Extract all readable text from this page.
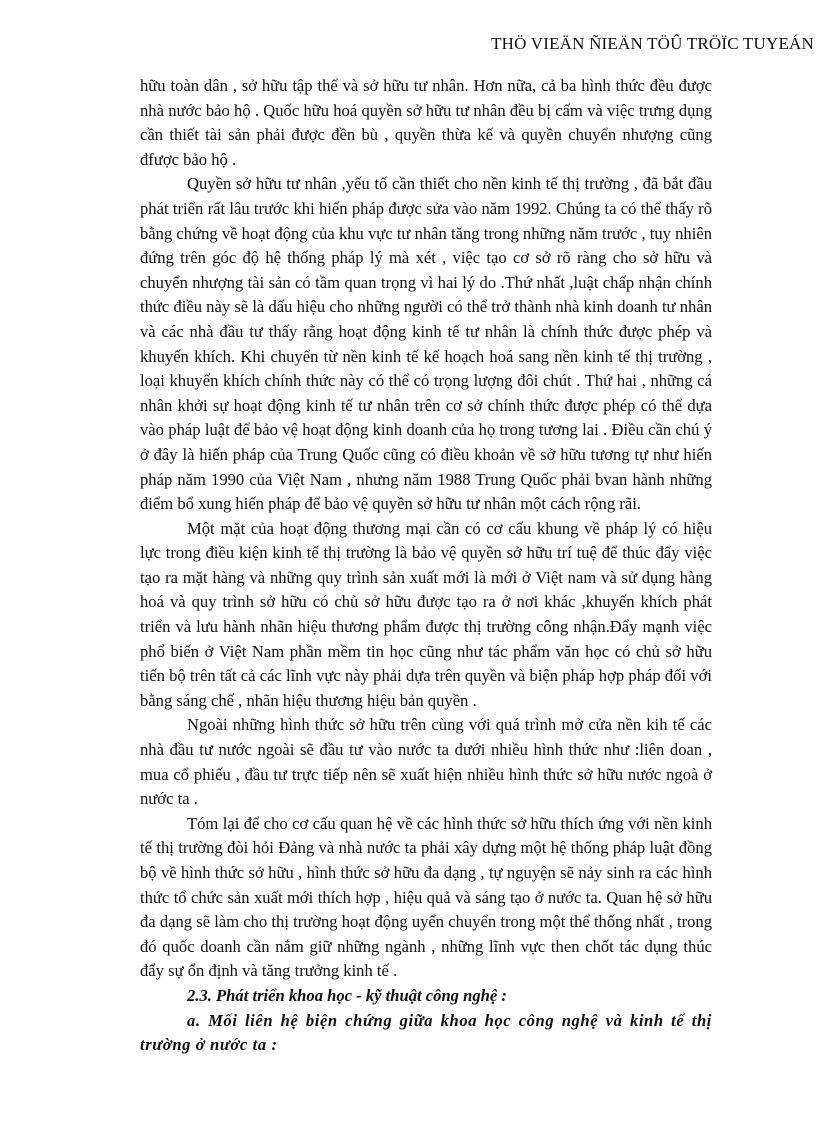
THÖ VIEÄN ÑIEÄN TÖÛ TRÖÏC TUYEÁN

hữu toàn dân , sở hữu tập thể và sở hữu tư nhân. Hơn nữa, cả ba hình thức đều được nhà nước bảo hộ . Quốc hữu hoá quyền sở hữu tư nhân đều bị cấm và việc trưng dụng cần thiết tài sản phải được đền bù , quyền thừa kế và quyền chuyển nhượng cũng đfược bảo hộ .

Quyền sở hữu tư nhân ,yếu tố cần thiết cho nền kinh tế thị trường , đã bắt đầu phát triển rất lâu trước khi hiến pháp được sửa vào năm 1992. Chúng ta có thể thấy rõ bằng chứng về hoạt động của khu vực tư nhân tăng trong những năm trước , tuy nhiên đứng trên góc độ hệ thống pháp lý mà xét , việc tạo cơ sở rõ ràng cho sở hữu và chuyển nhượng tài sản có tầm quan trọng vì hai lý do .Thứ nhất ,luật chấp nhận chính thức điều này sẽ là dấu hiệu cho những người có thể trở thành nhà kinh doanh tư nhân và các nhà đầu tư thấy rằng hoạt động kinh tế tư nhân là chính thức được phép và khuyến khích. Khi chuyển từ nền kinh tế kế hoạch hoá sang nền kinh tế thị trường , loại khuyến khích chính thức này có thể có trọng lượng đôi chút . Thứ hai , những cá nhân khởi sự hoạt động kinh tế tư nhân trên cơ sở chính thức được phép có thể dựa vào pháp luật để bảo vệ hoạt động kinh doanh của họ trong tương lai . Điều cần chú ý ở đây là hiến pháp của Trung Quốc cũng có điều khoản về sở hữu tương tự như hiến pháp năm 1990 của Việt Nam , nhưng năm 1988 Trung Quốc phải bvan hành những điểm bổ xung hiến pháp để bảo vệ quyền sở hữu tư nhân một cách rộng rãi.

Một mặt của hoạt động thương mại cần có cơ cấu khung về pháp lý có hiệu lực trong điều kiện kinh tế thị trường là bảo vệ quyền sở hữu trí tuệ để thúc đẩy việc tạo ra mặt hàng và những quy trình sản xuất mới là mới ở Việt nam và sử dụng hàng hoá và quy trình sở hữu có chủ sở hữu được tạo ra ở nơi khác ,khuyến khích phát triển và lưu hành nhãn hiệu thương phẩm được thị trường công nhận.Đẩy mạnh việc phổ biến ở Việt Nam phần mềm tin học cũng như tác phẩm văn học có chủ sở hữu tiến bộ trên tất cả các lĩnh vực này phải dựa trên quyền và biện pháp hợp pháp đối với bằng sáng chế , nhãn hiệu thương hiệu bản quyền .

Ngoài những hình thức sở hữu trên cùng với quá trình mở cửa nền kih tế các nhà đầu tư nước ngoài sẽ đầu tư vào nước ta dưới nhiều hình thức như :liên doan , mua cổ phiếu , đầu tư trực tiếp nên sẽ xuất hiện nhiều hình thức sở hữu nước ngoà ở nước ta .

Tóm lại để cho cơ cấu quan hệ về các hình thức sở hữu thích ứng với nền kinh tế thị trường đòi hỏi Đảng và nhà nước ta phải xây dựng một hệ thống pháp luật đồng bộ về hình thức sở hữu , hình thức sở hữu đa dạng , tự nguyện sẽ nảy sinh ra các hình thức tổ chức sản xuất mới thích hợp , hiệu quả và sáng tạo ở nước ta. Quan hệ sở hữu đa dạng sẽ làm cho thị trường hoạt động uyển chuyển trong một thể thống nhất , trong đó quốc doanh cần nắm giữ những ngành , những lĩnh vực then chốt tác dụng thúc đẩy sự ổn định và tăng trưởng kinh tế .

2.3. Phát triển khoa học - kỹ thuật công nghệ :

a. Mối liên hệ biện chứng giữa khoa học công nghệ và kinh tế thị trường ở nước ta :
